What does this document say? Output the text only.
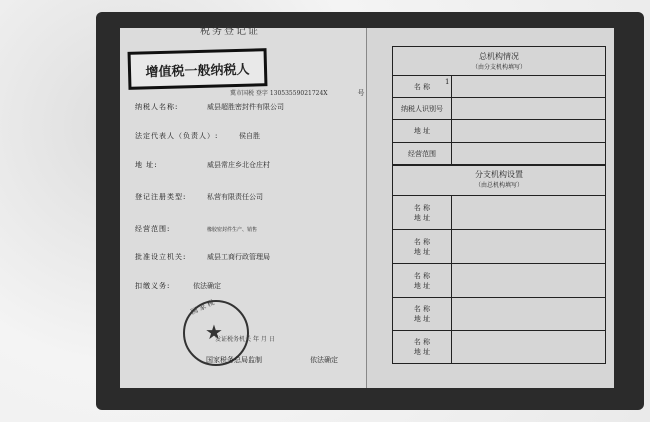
税务登记证
增值税一般纳税人
冀市国税 登字 13053559021724X	号
纳税人名称:	威县超胜密封件有限公司
法定代表人（负责人）:	侯自胜
地 址:	威县常庄乡北仓庄村
登记注册类型:	私营有限责任公司
经营范围:	橡胶密封件生产、销售
批准设立机关:	威县工商行政管理局
扣缴义务:	依法确定
★
国家税
发证税务机关 年 月 日
国家税务总局监制	依法确定
总机构情况
（由分支机构填写）
名 称
1
纳税人识别号
地 址
经营范围
分支机构设置
（由总机构填写）
名 称
地 址
名 称
地 址
名 称
地 址
名 称
地 址
名 称
地 址
